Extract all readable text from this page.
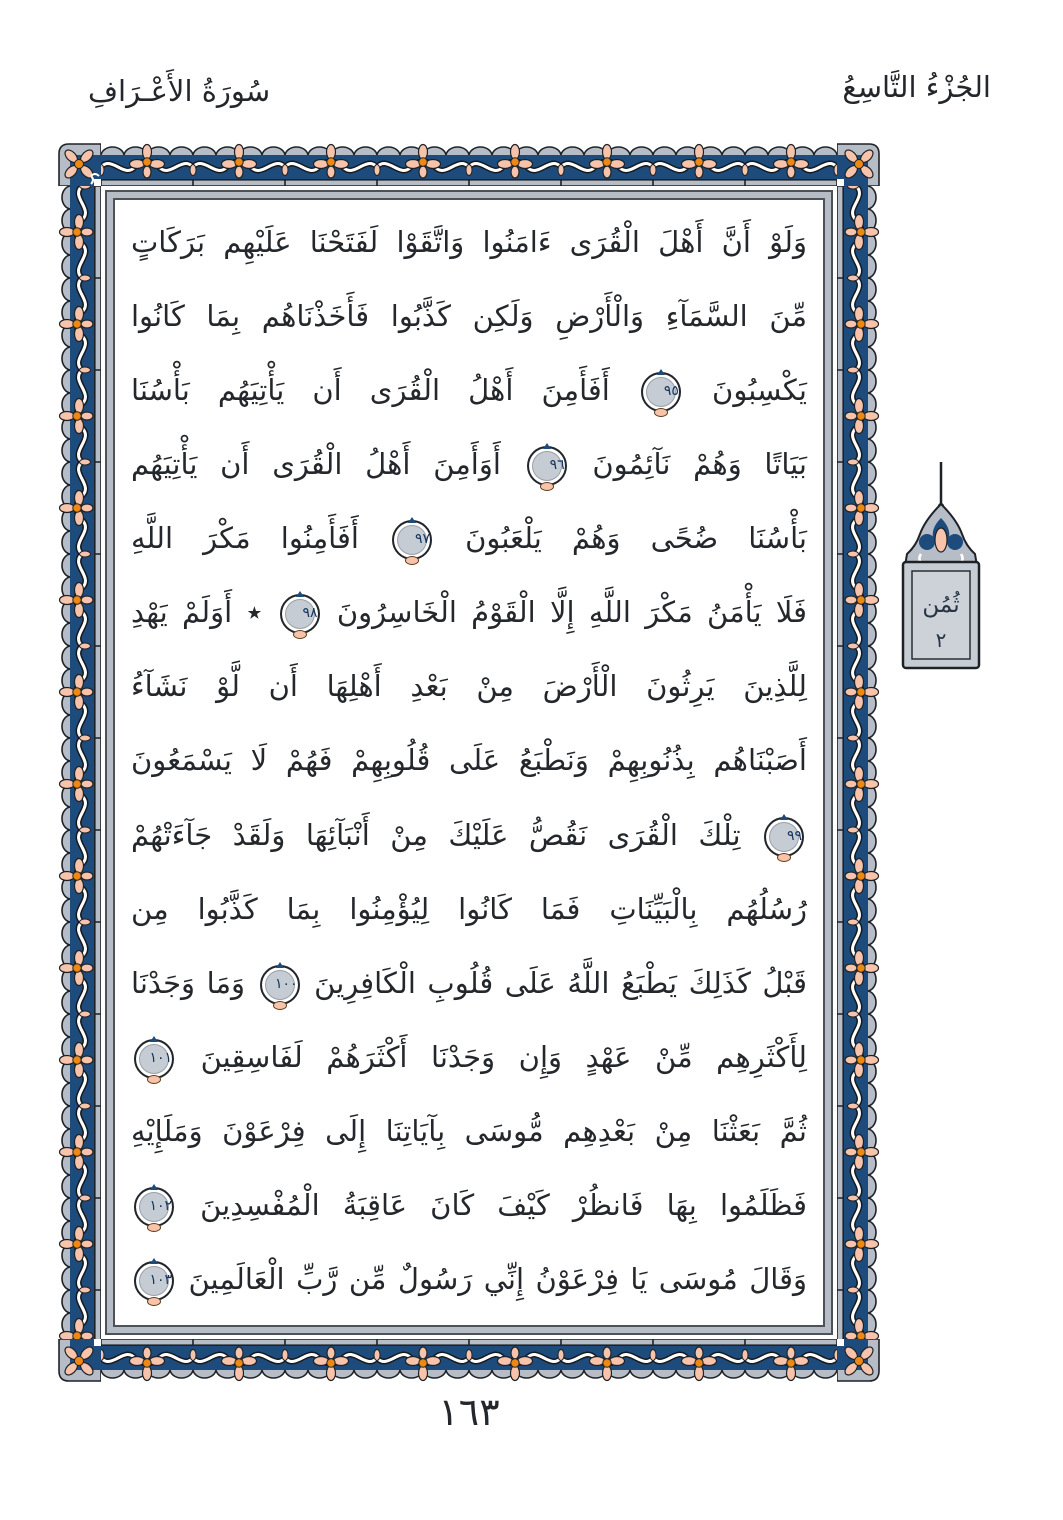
سُورَةُ الأَعْـرَافِ	الجُزْءُ التَّاسِعُ
وَلَوْ أَنَّ أَهْلَ الْقُرَى ءَامَنُوا وَاتَّقَوْا لَفَتَحْنَا عَلَيْهِم بَرَكَاتٍ
مِّنَ السَّمَآءِ وَالْأَرْضِ وَلَكِن كَذَّبُوا فَأَخَذْنَاهُم بِمَا كَانُوا
يَكْسِبُونَ ٩٥ أَفَأَمِنَ أَهْلُ الْقُرَى أَن يَأْتِيَهُم بَأْسُنَا
بَيَاتًا وَهُمْ نَآئِمُونَ ٩٦ أَوَأَمِنَ أَهْلُ الْقُرَى أَن يَأْتِيَهُم
بَأْسُنَا ضُحًى وَهُمْ يَلْعَبُونَ ٩٧ أَفَأَمِنُوا مَكْرَ اللَّهِ
فَلَا يَأْمَنُ مَكْرَ اللَّهِ إِلَّا الْقَوْمُ الْخَاسِرُونَ ٩٨ ٭ أَوَلَمْ يَهْدِ
لِلَّذِينَ يَرِثُونَ الْأَرْضَ مِنْ بَعْدِ أَهْلِهَا أَن لَّوْ نَشَآءُ
أَصَبْنَاهُم بِذُنُوبِهِمْ وَنَطْبَعُ عَلَى قُلُوبِهِمْ فَهُمْ لَا يَسْمَعُونَ
٩٩ تِلْكَ الْقُرَى نَقُصُّ عَلَيْكَ مِنْ أَنْبَآئِهَا وَلَقَدْ جَآءَتْهُمْ
رُسُلُهُم بِالْبَيِّنَاتِ فَمَا كَانُوا لِيُؤْمِنُوا بِمَا كَذَّبُوا مِن
قَبْلُ كَذَلِكَ يَطْبَعُ اللَّهُ عَلَى قُلُوبِ الْكَافِرِينَ ١٠٠ وَمَا وَجَدْنَا
لِأَكْثَرِهِم مِّنْ عَهْدٍ وَإِن وَجَدْنَا أَكْثَرَهُمْ لَفَاسِقِينَ ١٠١
ثُمَّ بَعَثْنَا مِنْ بَعْدِهِم مُّوسَى بِآيَاتِنَا إِلَى فِرْعَوْنَ وَمَلَإِيْهِ
فَظَلَمُوا بِهَا فَانظُرْ كَيْفَ كَانَ عَاقِبَةُ الْمُفْسِدِينَ ١٠٢
وَقَالَ مُوسَى يَا فِرْعَوْنُ إِنِّي رَسُولٌ مِّن رَّبِّ الْعَالَمِينَ ١٠٣
ثُمُن
٢
١٦٣
